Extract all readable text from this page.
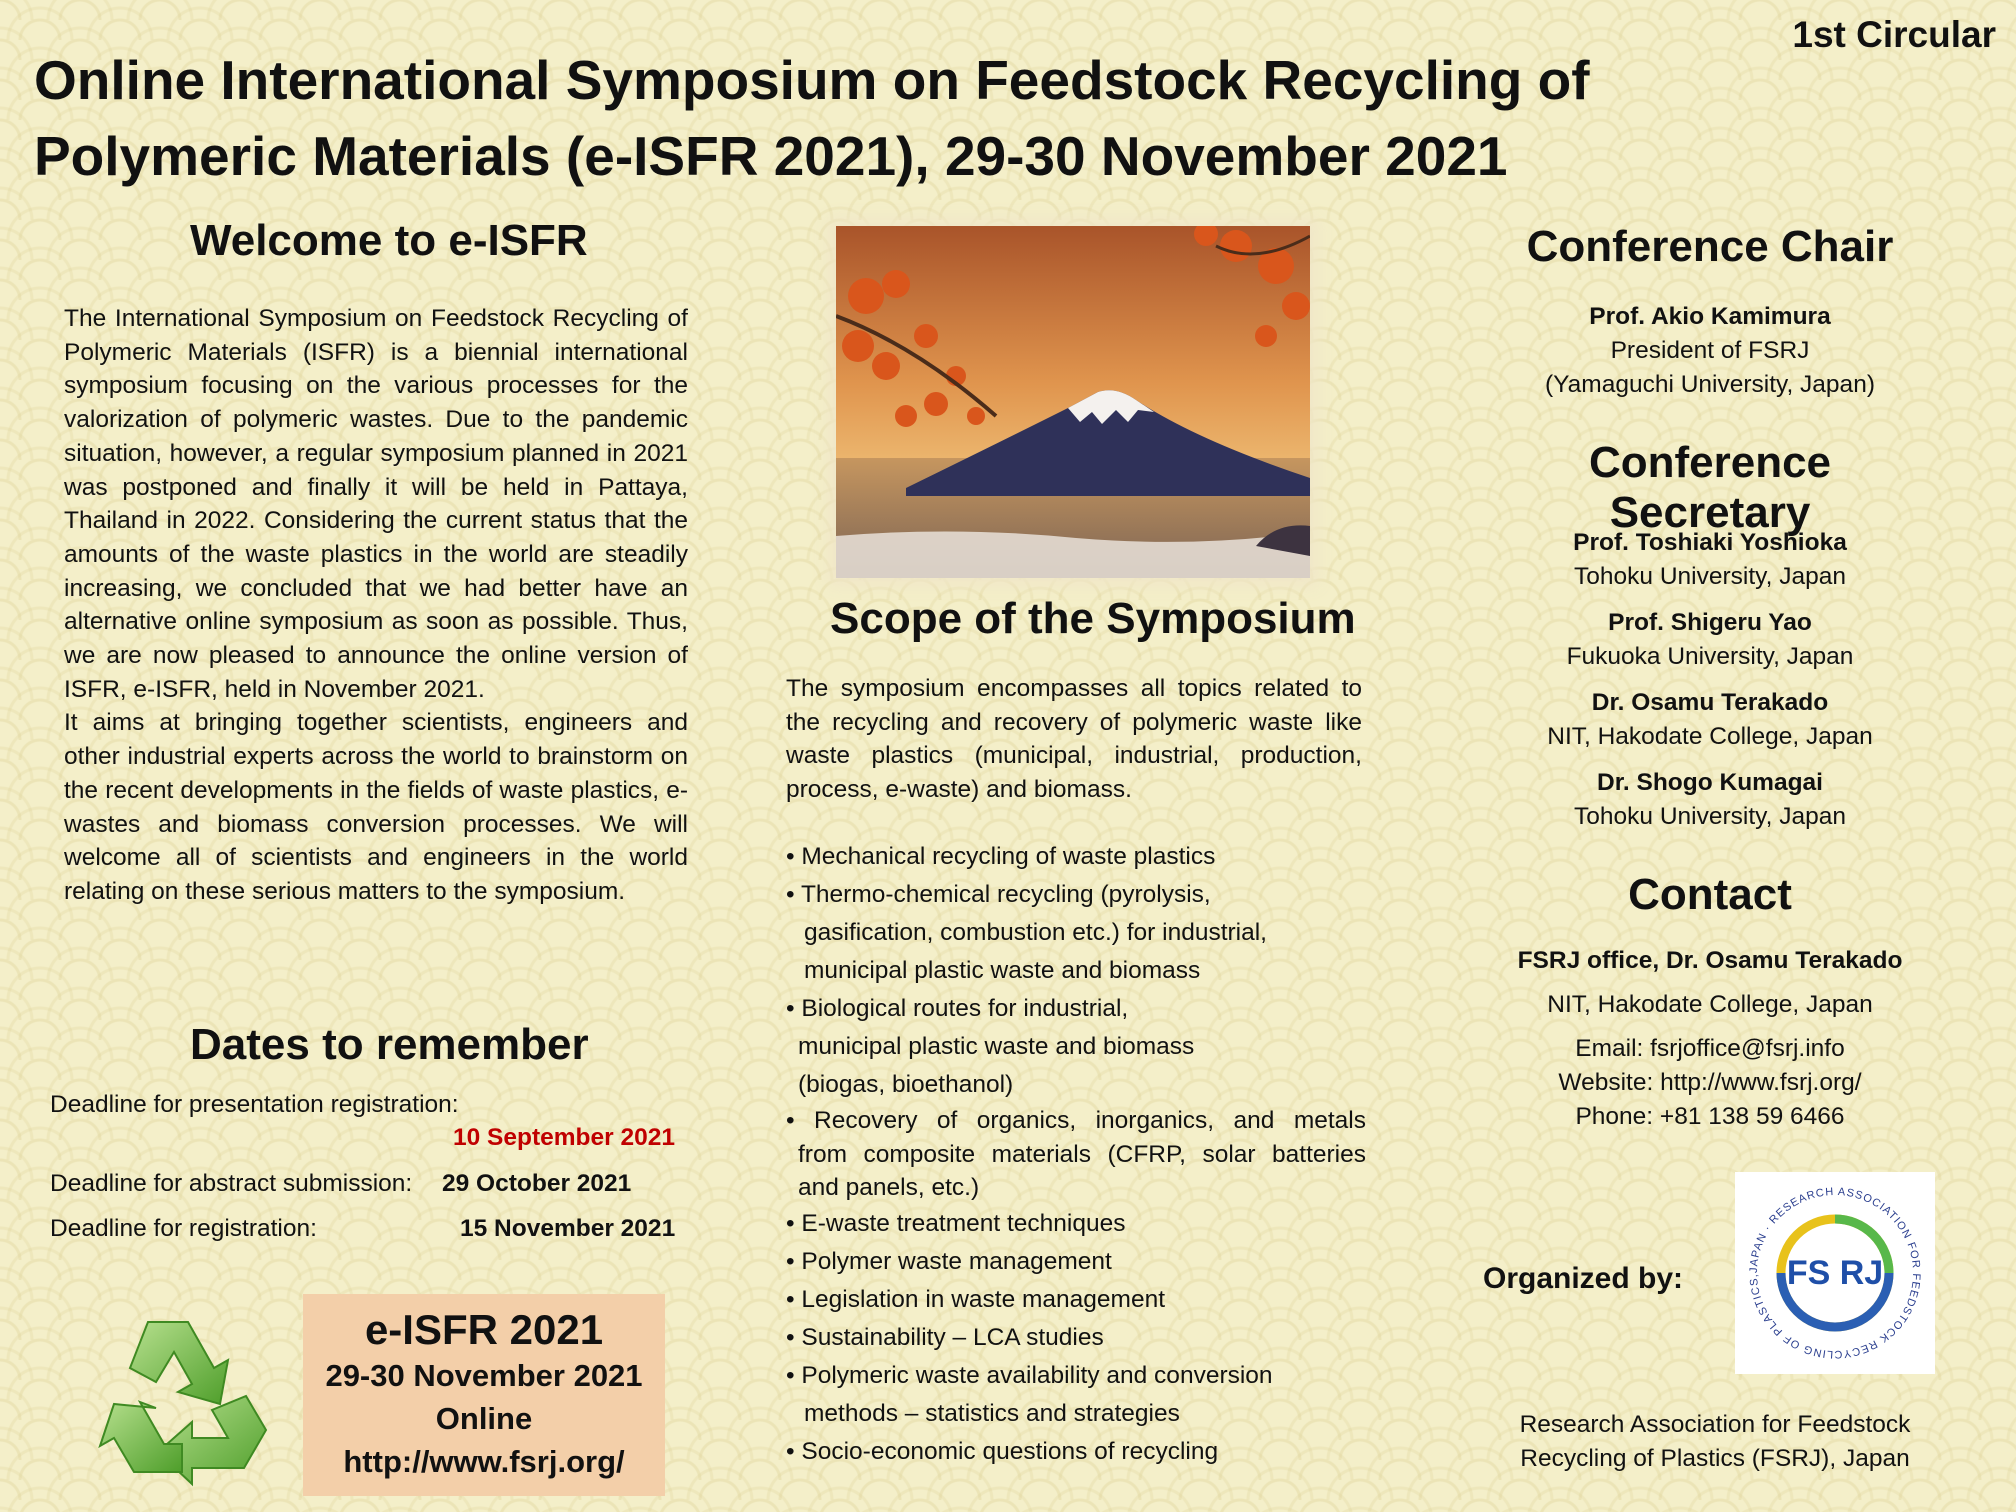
1st Circular
Online International Symposium on Feedstock Recycling of
Polymeric Materials (e-ISFR 2021), 29-30 November 2021
Welcome to e-ISFR
The International Symposium on Feedstock Recycling of Polymeric Materials (ISFR) is a biennial international symposium focusing on the various processes for the valorization of polymeric wastes. Due to the pandemic situation, however, a regular symposium planned in 2021 was postponed and finally it will be held in Pattaya, Thailand in 2022. Considering the current status that the amounts of the waste plastics in the world are steadily increasing, we concluded that we had better have an alternative online symposium as soon as possible. Thus, we are now pleased to announce the online version of ISFR, e-ISFR, held in November 2021.
It aims at bringing together scientists, engineers and other industrial experts across the world to brainstorm on the recent developments in the fields of waste plastics, e-wastes and biomass conversion processes. We will welcome all of scientists and engineers in the world relating on these serious matters to the symposium.
Dates to remember
Deadline for presentation registration:
10 September 2021
Deadline for abstract submission: 29 October 2021
Deadline for registration:	15 November 2021
e-ISFR 2021
29-30 November 2021
Online
http://www.fsrj.org/
Scope of the Symposium
The symposium encompasses all topics related to the recycling and recovery of polymeric waste like waste plastics (municipal, industrial, production, process, e-waste) and biomass.
• Mechanical recycling of waste plastics
• Thermo-chemical recycling (pyrolysis,
gasification, combustion etc.) for industrial,
municipal plastic waste and biomass
• Biological routes for industrial,
municipal plastic waste and biomass
(biogas, bioethanol)
• Recovery of organics, inorganics, and metals
from composite materials (CFRP, solar batteries
and panels, etc.)
• E-waste treatment techniques
• Polymer waste management
• Legislation in waste management
• Sustainability – LCA studies
• Polymeric waste availability and conversion
methods – statistics and strategies
• Socio-economic questions of recycling
Conference Chair
Prof. Akio Kamimura
President of FSRJ
(Yamaguchi University, Japan)
Conference Secretary
Prof. Toshiaki Yoshioka
Tohoku University, Japan
Prof. Shigeru Yao
Fukuoka University, Japan
Dr. Osamu Terakado
NIT, Hakodate College, Japan
Dr. Shogo Kumagai
Tohoku University, Japan
Contact
FSRJ office, Dr. Osamu Terakado
NIT, Hakodate College, Japan
Email: fsrjoffice@fsrj.info
Website: http://www.fsrj.org/
Phone: +81 138 59 6466
Organized by:	JAPAN · RESEARCH ASSOCIATION FOR FEEDSTOCK RECYCLING OF PLASTICS, FS RJ
Research Association for Feedstock
Recycling of Plastics (FSRJ), Japan
